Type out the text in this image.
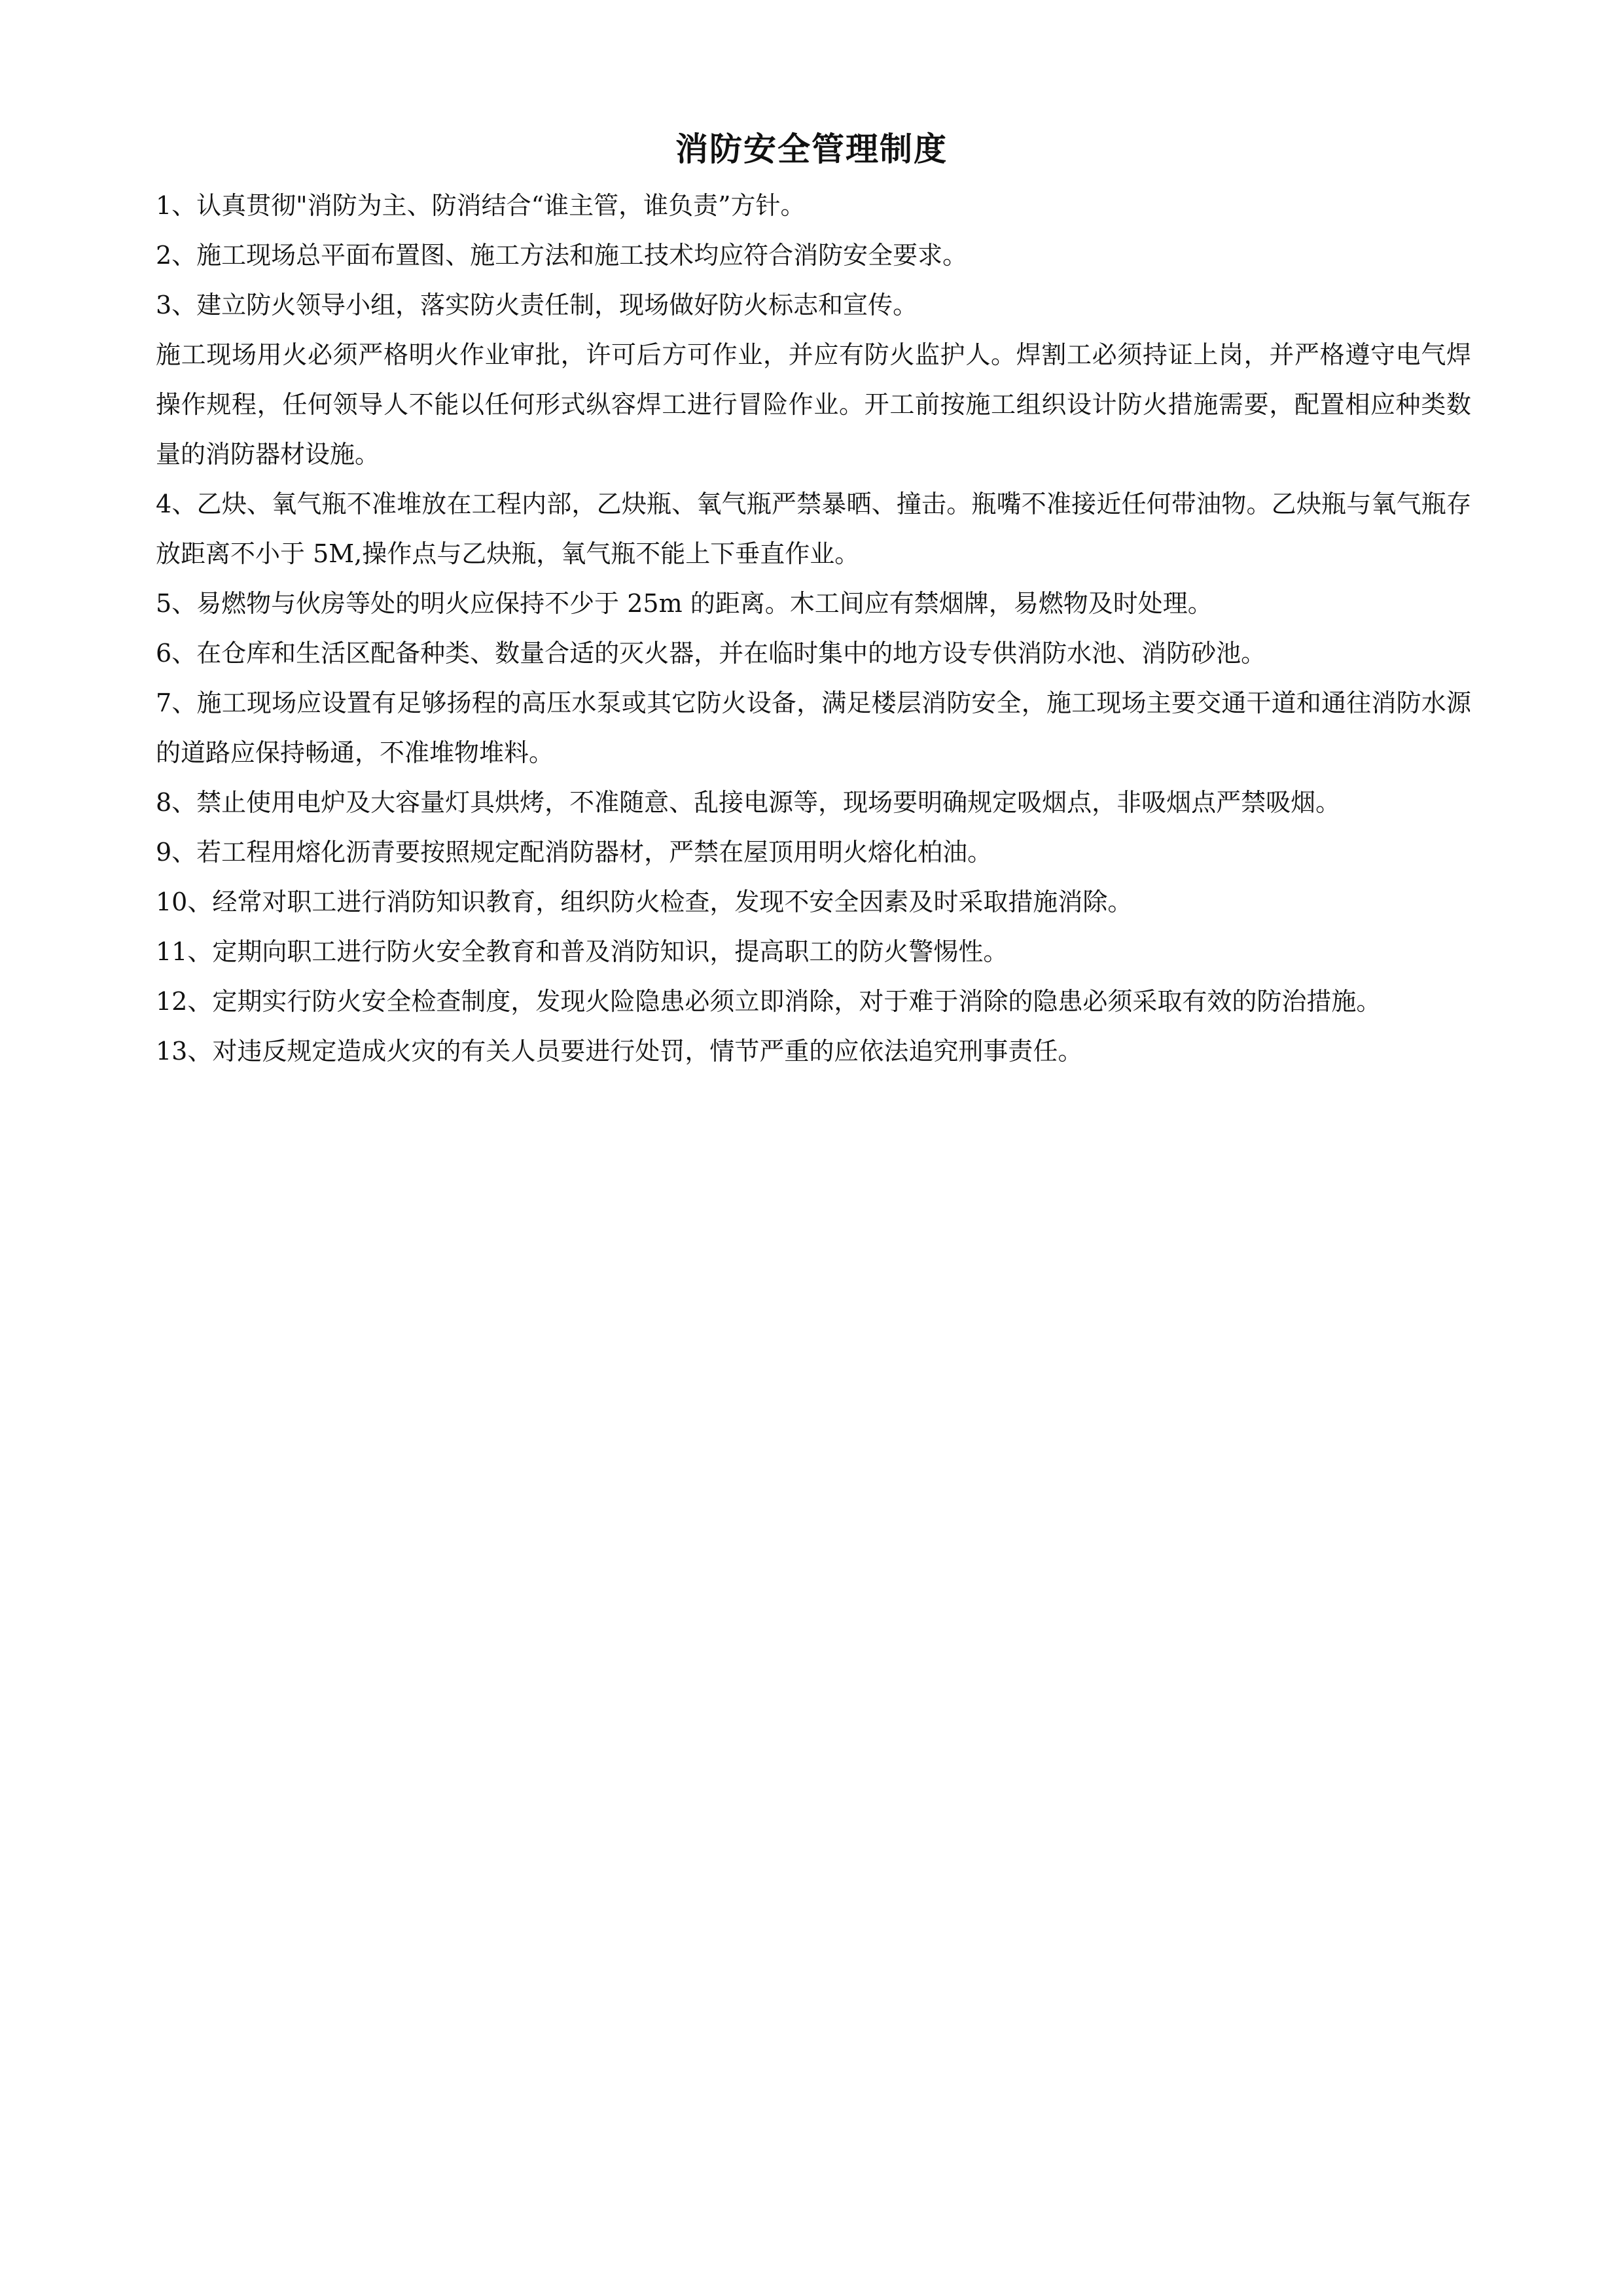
消防安全管理制度
1、认真贯彻"消防为主、防消结合“谁主管，谁负责”方针。
2、施工现场总平面布置图、施工方法和施工技术均应符合消防安全要求。
3、建立防火领导小组，落实防火责任制，现场做好防火标志和宣传。
施工现场用火必须严格明火作业审批，许可后方可作业，并应有防火监护人。焊割工必须持证上岗，并严格遵守电气焊操作规程，任何领导人不能以任何形式纵容焊工进行冒险作业。开工前按施工组织设计防火措施需要，配置相应种类数量的消防器材设施。
4、乙炔、氧气瓶不准堆放在工程内部，乙炔瓶、氧气瓶严禁暴晒、撞击。瓶嘴不准接近任何带油物。乙炔瓶与氧气瓶存放距离不小于 5M,操作点与乙炔瓶，氧气瓶不能上下垂直作业。
5、易燃物与伙房等处的明火应保持不少于 25m 的距离。木工间应有禁烟牌，易燃物及时处理。
6、在仓库和生活区配备种类、数量合适的灭火器，并在临时集中的地方设专供消防水池、消防砂池。
7、施工现场应设置有足够扬程的高压水泵或其它防火设备，满足楼层消防安全，施工现场主要交通干道和通往消防水源的道路应保持畅通，不准堆物堆料。
8、禁止使用电炉及大容量灯具烘烤，不准随意、乱接电源等，现场要明确规定吸烟点，非吸烟点严禁吸烟。
9、若工程用熔化沥青要按照规定配消防器材，严禁在屋顶用明火熔化柏油。
10、经常对职工进行消防知识教育，组织防火检查，发现不安全因素及时采取措施消除。
11、定期向职工进行防火安全教育和普及消防知识，提高职工的防火警惕性。
12、定期实行防火安全检查制度，发现火险隐患必须立即消除，对于难于消除的隐患必须采取有效的防治措施。
13、对违反规定造成火灾的有关人员要进行处罚，情节严重的应依法追究刑事责任。
